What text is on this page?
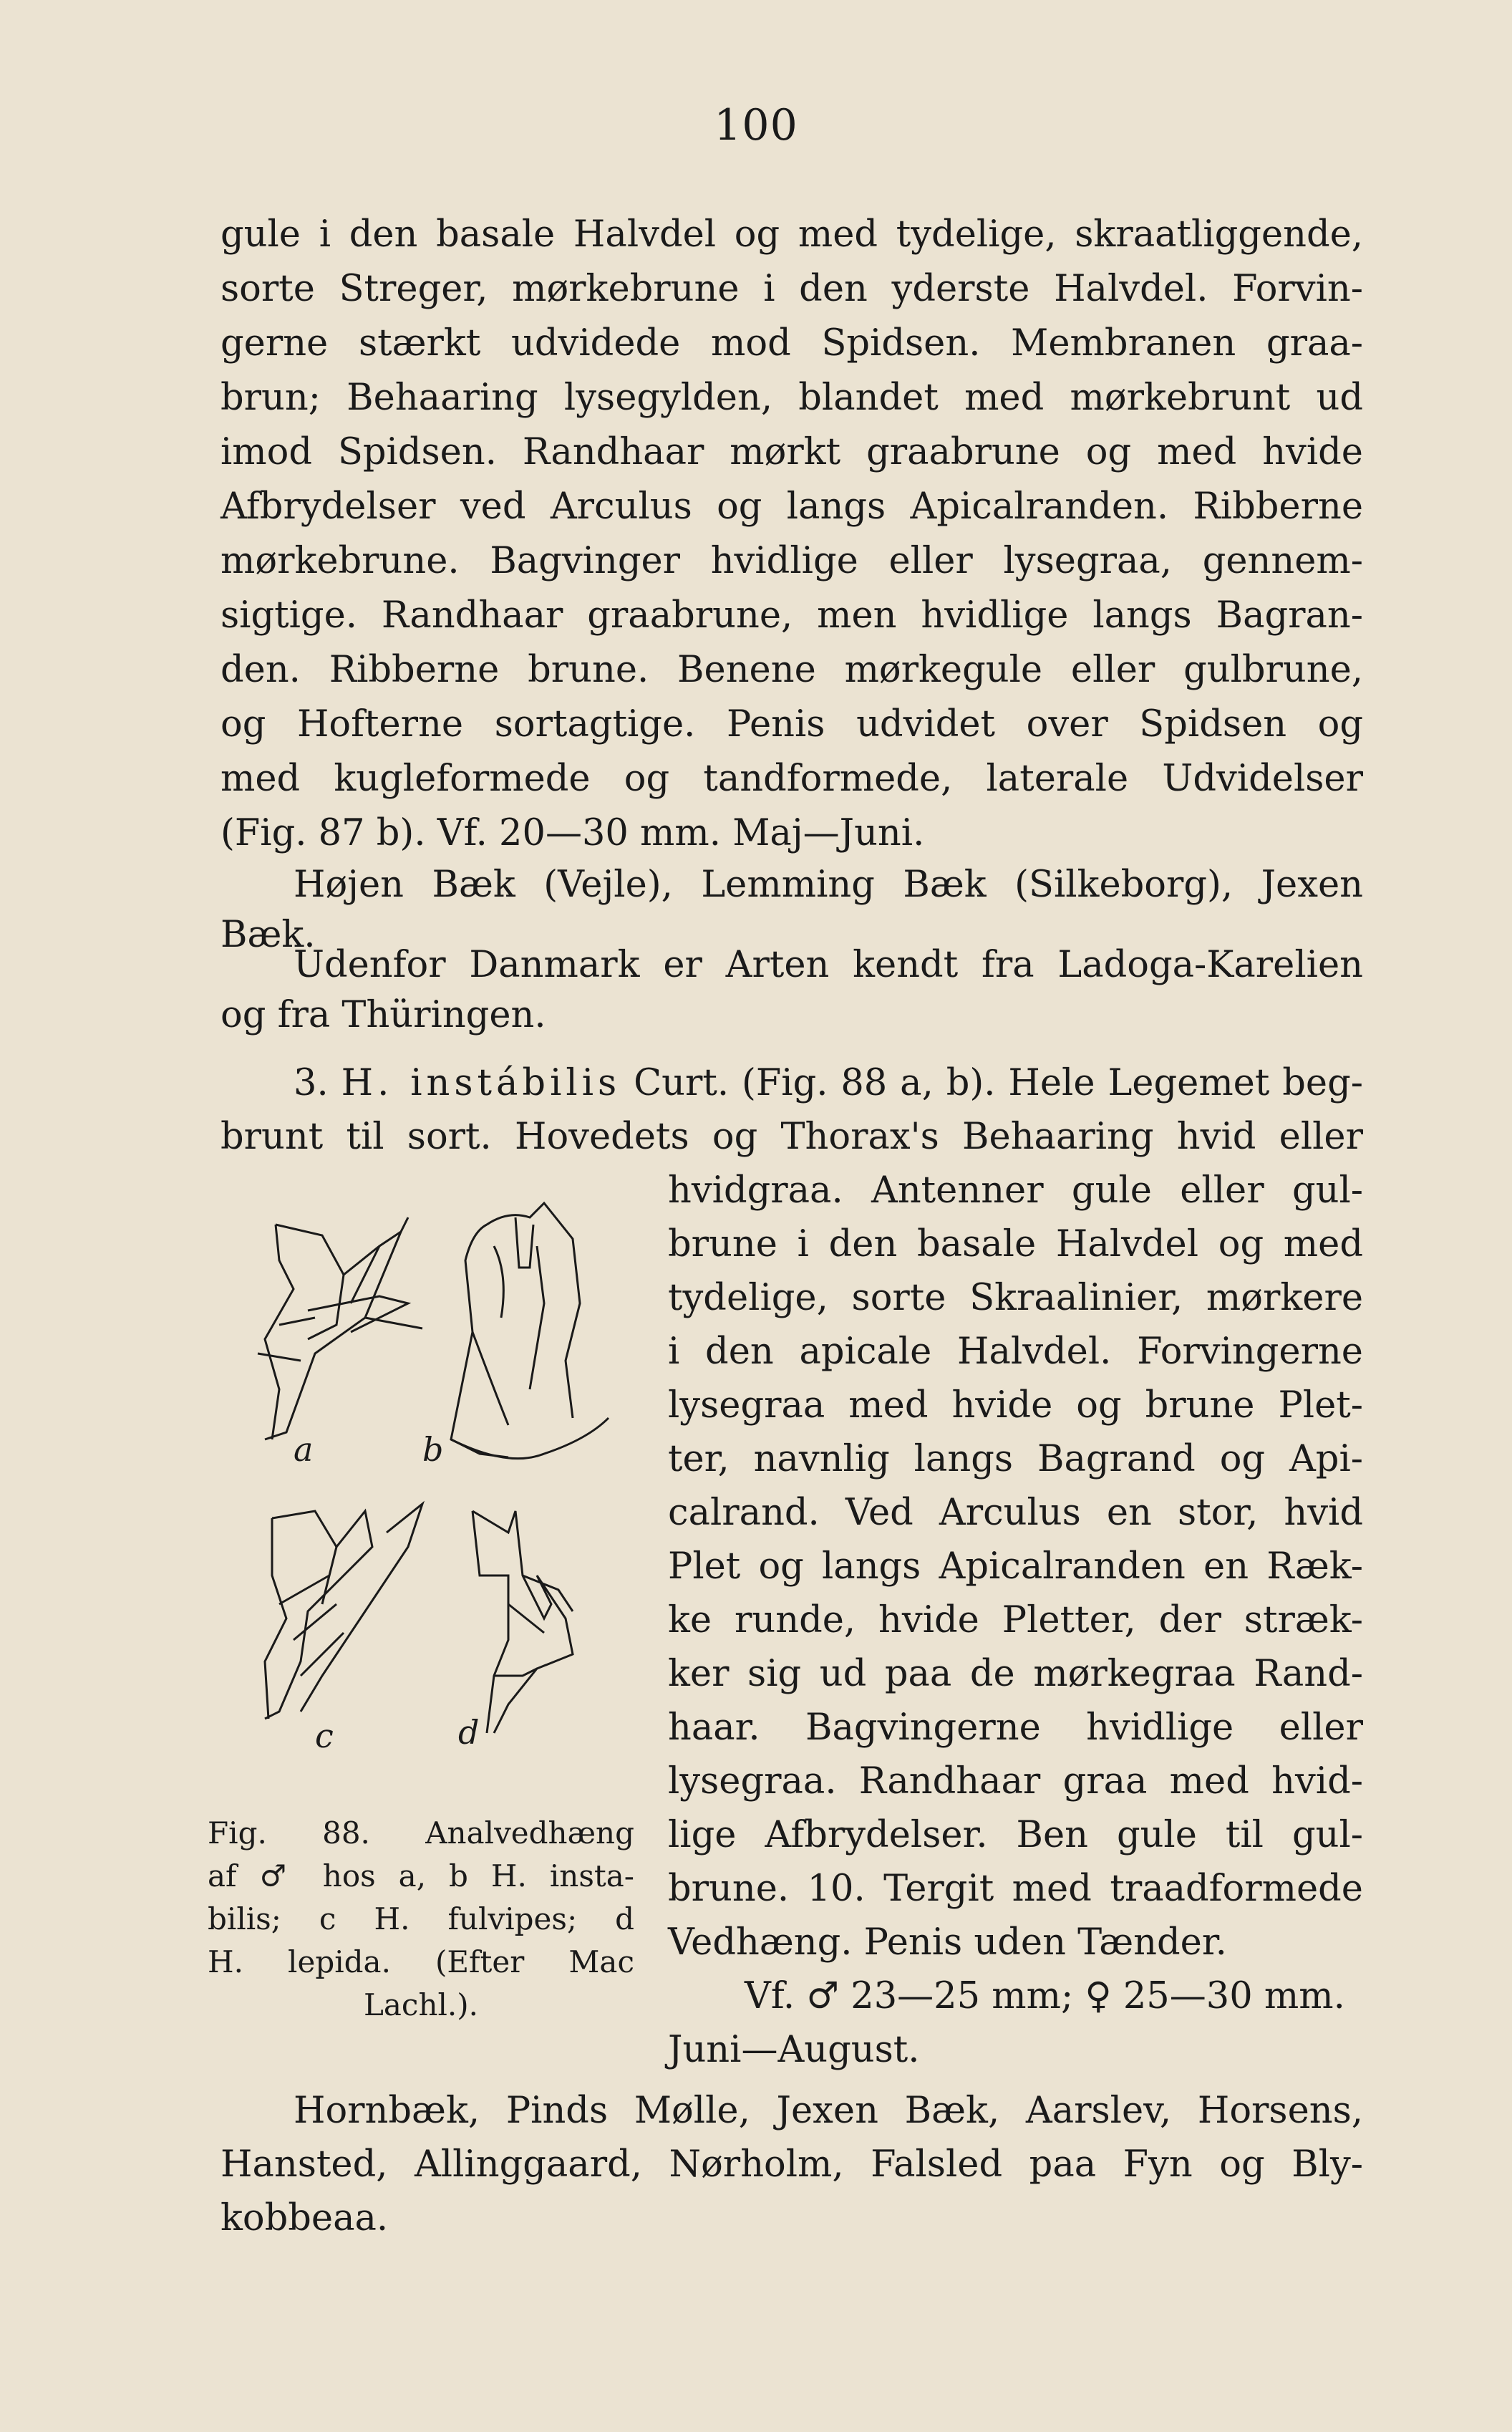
100
gule i den basale Halvdel og med tydelige, skraatliggende,
sorte Streger, mørkebrune i den yderste Halvdel. Forvin-
gerne stærkt udvidede mod Spidsen. Membranen graa-
brun; Behaaring lysegylden, blandet med mørkebrunt ud
imod Spidsen. Randhaar mørkt graabrune og med hvide
Afbrydelser ved Arculus og langs Apicalranden. Ribberne
mørkebrune. Bagvinger hvidlige eller lysegraa, gennem-
sigtige. Randhaar graabrune, men hvidlige langs Bagran-
den. Ribberne brune. Benene mørkegule eller gulbrune,
og Hofterne sortagtige. Penis udvidet over Spidsen og
med kugleformede og tandformede, laterale Udvidelser
(Fig. 87 b). Vf. 20—30 mm. Maj—Juni.
Højen Bæk (Vejle), Lemming Bæk (Silkeborg), Jexen
Bæk.
Udenfor Danmark er Arten kendt fra Ladoga-Karelien
og fra Thüringen.
3. H. instábilis Curt. (Fig. 88 a, b). Hele Legemet beg-
brunt til sort. Hovedets og Thorax's Behaaring hvid eller
hvidgraa. Antenner gule eller gul-
brune i den basale Halvdel og med
tydelige, sorte Skraalinier, mørkere
i den apicale Halvdel. Forvingerne
lysegraa med hvide og brune Plet-
ter, navnlig langs Bagrand og Api-
calrand. Ved Arculus en stor, hvid
Plet og langs Apicalranden en Ræk-
ke runde, hvide Pletter, der stræk-
ker sig ud paa de mørkegraa Rand-
haar. Bagvingerne hvidlige eller
lysegraa. Randhaar graa med hvid-
lige Afbrydelser. Ben gule til gul-
brune. 10. Tergit med traadformede
Vedhæng. Penis uden Tænder.
Vf. ♂ 23—25 mm; ♀ 25—30 mm.
Juni—August.
Hornbæk, Pinds Mølle, Jexen Bæk, Aarslev, Horsens,
Hansted, Allinggaard, Nørholm, Falsled paa Fyn og Bly-
kobbeaa.
a	b
c	d
Fig. 88. Analvedhæng
af ♂ hos a, b H. insta-
bilis; c H. fulvipes; d
H. lepida. (Efter Mac
Lachl.).
